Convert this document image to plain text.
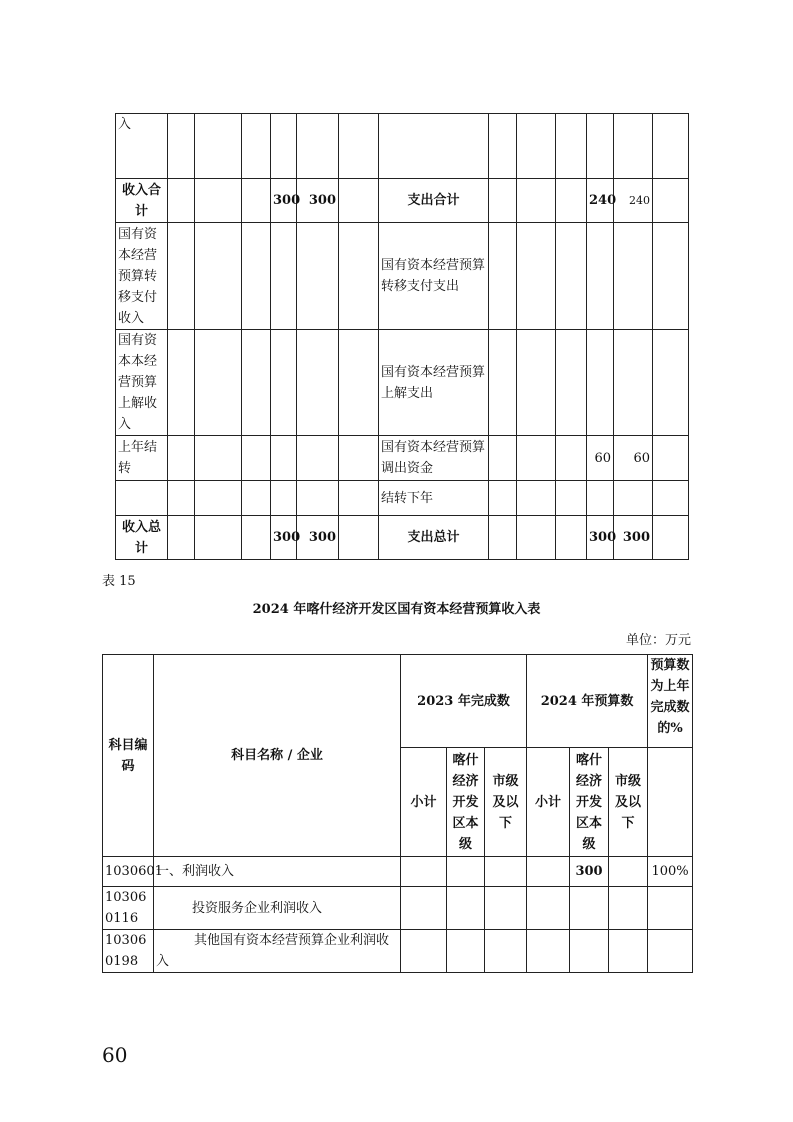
入													
收入合计				300	300		支出合计				240	240	
国有资本经营预算转移支付收入							国有资本经营预算转移支付支出						
国有资本本经营预算上解收入							国有资本经营预算上解支出						
上年结转							国有资本经营预算调出资金				60	60	
							结转下年						
收入总计				300	300		支出总计				300	300	
表 15
2024 年喀什经济开发区国有资本经营预算收入表
单位：万元
科目编码	科目名称 / 企业	2023 年完成数			2024 年预算数			预算数为上年完成数的%
		小计	喀什经济开发区本级	市级及以下	小计	喀什经济开发区本级	市级及以下	
1030601	一、利润收入					300		100%
103060116	投资服务企业利润收入							
103060198	其他国有资本经营预算企业利润收入							
60
